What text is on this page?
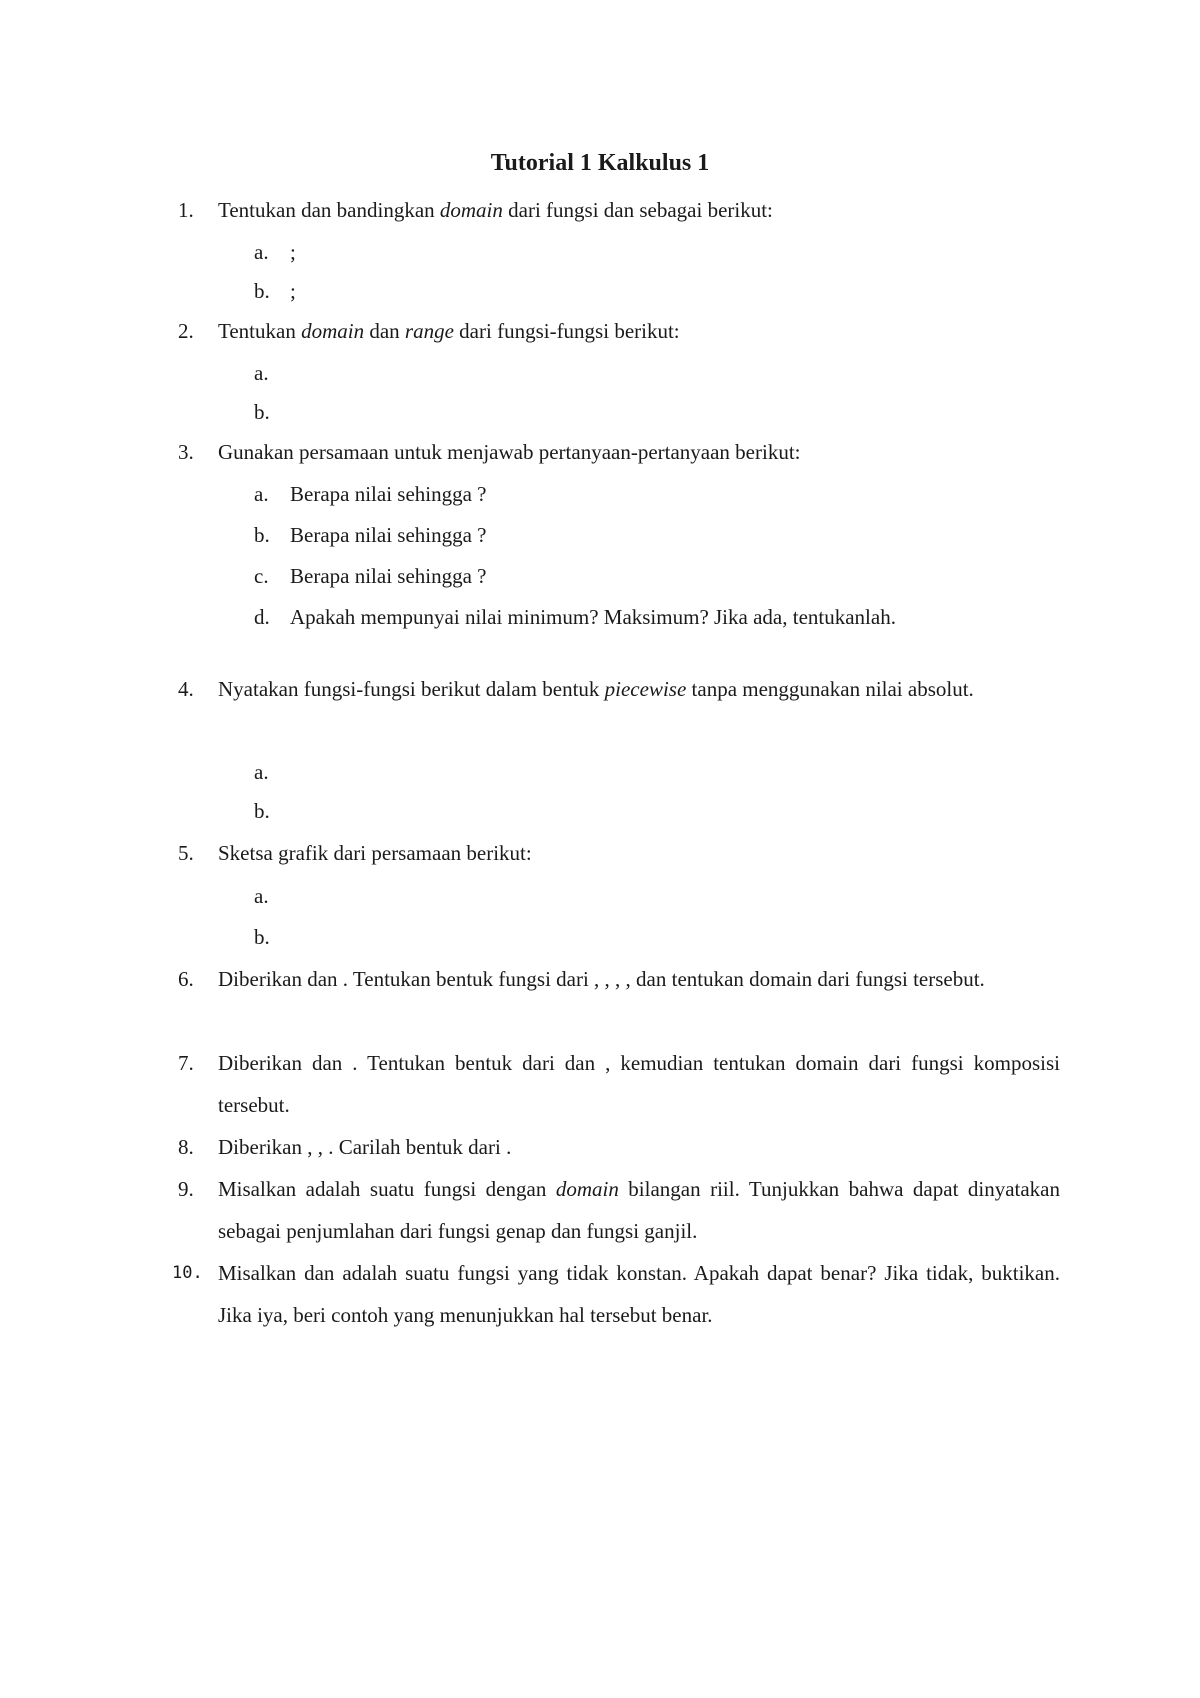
Tutorial 1 Kalkulus 1
1.	Tentukan dan bandingkan domain dari fungsi dan sebagai berikut:
a. ;
b. ;
2.	Tentukan domain dan range dari fungsi-fungsi berikut:
a.
b.
3.	Gunakan persamaan untuk menjawab pertanyaan-pertanyaan berikut:
a. Berapa nilai sehingga ?
b. Berapa nilai sehingga ?
c. Berapa nilai sehingga ?
d. Apakah mempunyai nilai minimum? Maksimum? Jika ada, tentukanlah.
4.	Nyatakan fungsi-fungsi berikut dalam bentuk piecewise tanpa menggunakan nilai absolut.
a.
b.
5.	Sketsa grafik dari persamaan berikut:
a.
b.
6.	Diberikan dan . Tentukan bentuk fungsi dari , , , , dan tentukan domain dari fungsi tersebut.
7.	Diberikan dan . Tentukan bentuk dari dan , kemudian tentukan domain dari fungsi komposisi tersebut.
8.	Diberikan , , . Carilah bentuk dari .
9.	Misalkan adalah suatu fungsi dengan domain bilangan riil. Tunjukkan bahwa dapat dinyatakan sebagai penjumlahan dari fungsi genap dan fungsi ganjil.
10. Misalkan dan adalah suatu fungsi yang tidak konstan. Apakah dapat benar? Jika tidak, buktikan. Jika iya, beri contoh yang menunjukkan hal tersebut benar.
